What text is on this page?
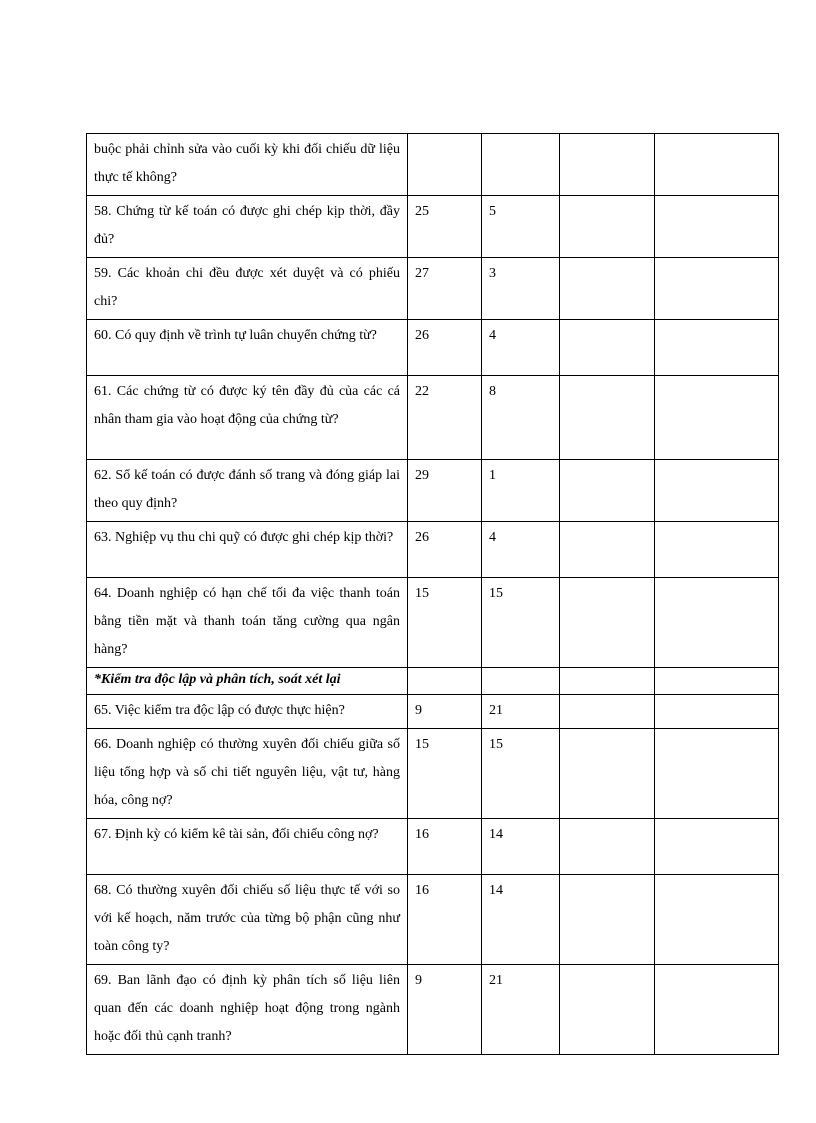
buộc phải chỉnh sửa vào cuối kỳ khi đối chiếu dữ liệu thực tế không?				
58. Chứng từ kế toán có được ghi chép kịp thời, đầy đủ?	25	5		
59. Các khoản chi đều được xét duyệt và có phiếu chi?	27	3		
60. Có quy định về trình tự luân chuyển chứng từ?	26	4		
61. Các chứng từ có được ký tên đầy đủ của các cá nhân tham gia vào hoạt động của chứng từ?	22	8		
62. Sổ kế toán có được đánh số trang và đóng giáp lai theo quy định?	29	1		
63. Nghiệp vụ thu chi quỹ có được ghi chép kịp thời?	26	4		
64. Doanh nghiệp có hạn chế tối đa việc thanh toán bằng tiền mặt và thanh toán tăng cường qua ngân hàng?	15	15		
*Kiểm tra độc lập và phân tích, soát xét lại				
65. Việc kiểm tra độc lập có được thực hiện?	9	21		
66. Doanh nghiệp có thường xuyên đối chiếu giữa số liệu tổng hợp và số chi tiết nguyên liệu, vật tư, hàng hóa, công nợ?	15	15		
67. Định kỳ có kiểm kê tài sản, đối chiếu công nợ?	16	14		
68. Có thường xuyên đối chiếu số liệu thực tế với so với kế hoạch, năm trước của từng bộ phận cũng như toàn công ty?	16	14		
69. Ban lãnh đạo có định kỳ phân tích số liệu liên quan đến các doanh nghiệp hoạt động trong ngành hoặc đối thủ cạnh tranh?	9	21		
